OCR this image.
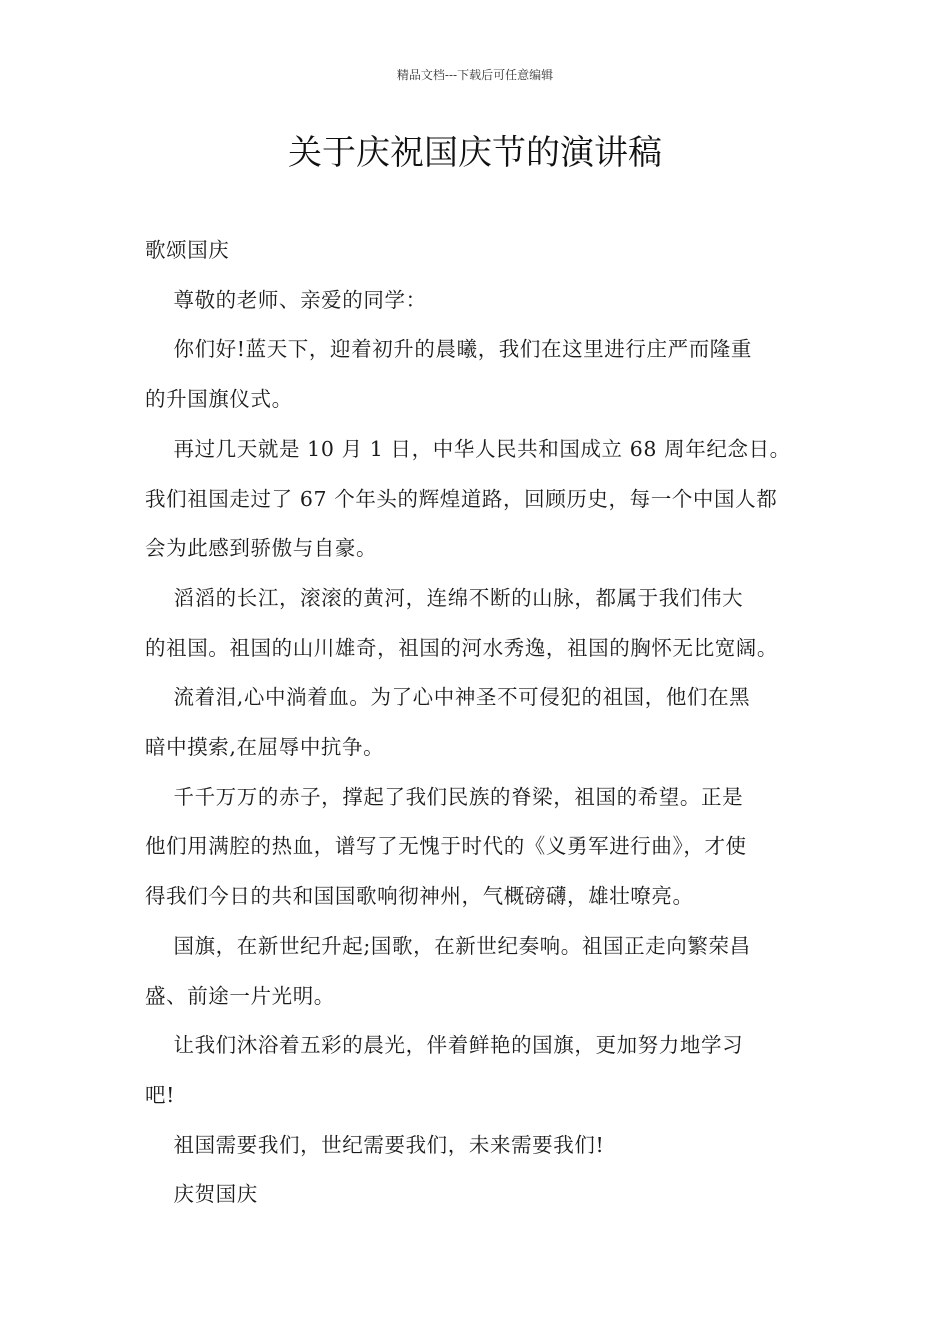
精品文档---下载后可任意编辑
关于庆祝国庆节的演讲稿

歌颂国庆

尊敬的老师、亲爱的同学：

你们好!蓝天下，迎着初升的晨曦，我们在这里进行庄严而隆重

的升国旗仪式。

再过几天就是 10 月 1 日，中华人民共和国成立 68 周年纪念日。

我们祖国走过了 67 个年头的辉煌道路，回顾历史，每一个中国人都

会为此感到骄傲与自豪。

滔滔的长江，滚滚的黄河，连绵不断的山脉，都属于我们伟大

的祖国。祖国的山川雄奇，祖国的河水秀逸，祖国的胸怀无比宽阔。

流着泪,心中淌着血。为了心中神圣不可侵犯的祖国，他们在黑

暗中摸索,在屈辱中抗争。

千千万万的赤子，撑起了我们民族的脊梁，祖国的希望。正是

他们用满腔的热血，谱写了无愧于时代的《义勇军进行曲》，才使

得我们今日的共和国国歌响彻神州，气概磅礴，雄壮嘹亮。

国旗，在新世纪升起;国歌，在新世纪奏响。祖国正走向繁荣昌

盛、前途一片光明。

让我们沐浴着五彩的晨光，伴着鲜艳的国旗，更加努力地学习

吧!

祖国需要我们，世纪需要我们，未来需要我们!

庆贺国庆
